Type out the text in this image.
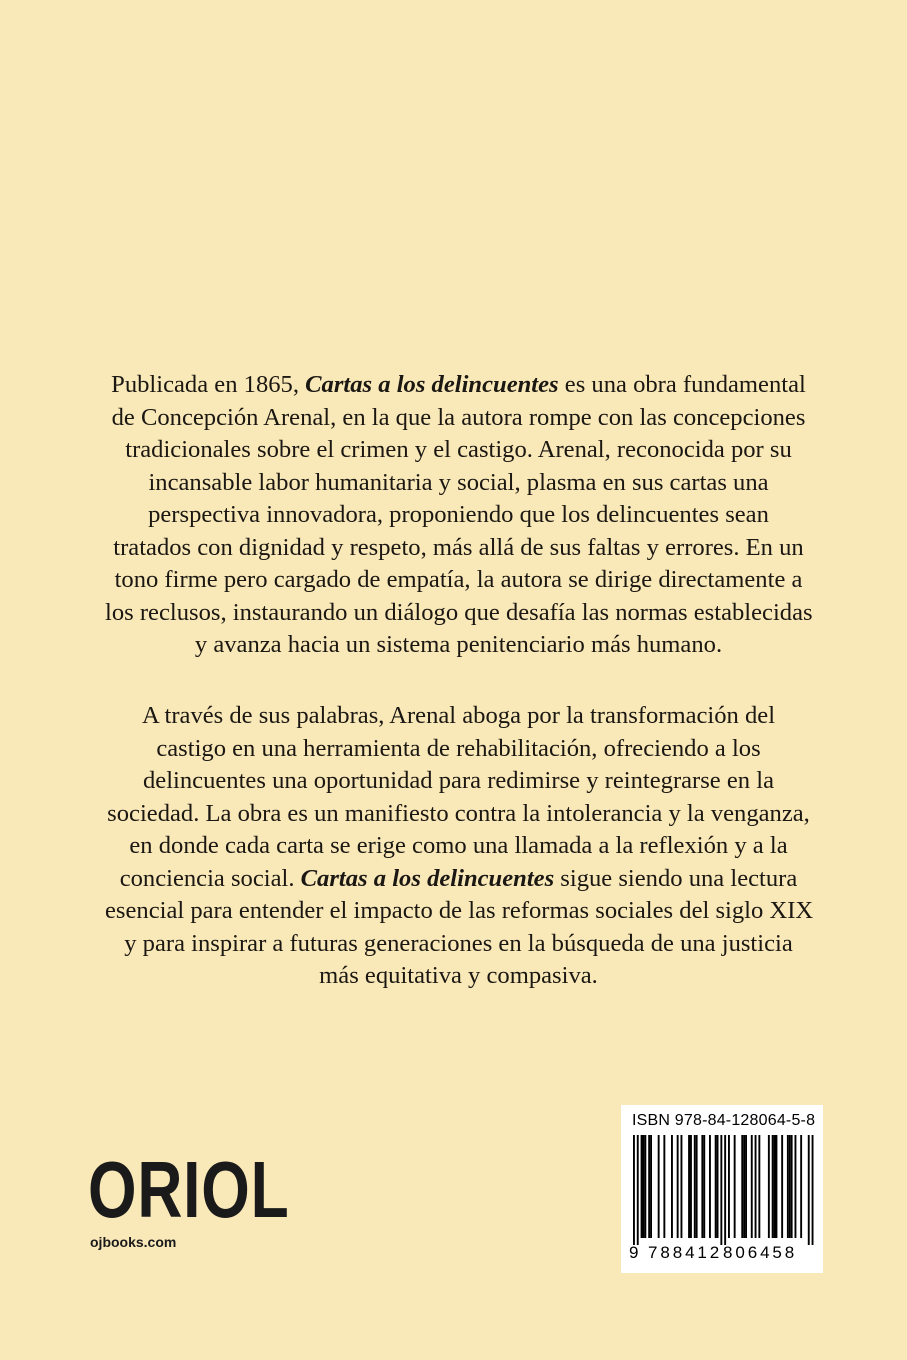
Publicada en 1865, Cartas a los delincuentes es una obra fundamental
de Concepción Arenal, en la que la autora rompe con las concepciones
tradicionales sobre el crimen y el castigo. Arenal, reconocida por su
incansable labor humanitaria y social, plasma en sus cartas una
perspectiva innovadora, proponiendo que los delincuentes sean
tratados con dignidad y respeto, más allá de sus faltas y errores. En un
tono firme pero cargado de empatía, la autora se dirige directamente a
los reclusos, instaurando un diálogo que desafía las normas establecidas
y avanza hacia un sistema penitenciario más humano.
A través de sus palabras, Arenal aboga por la transformación del
castigo en una herramienta de rehabilitación, ofreciendo a los
delincuentes una oportunidad para redimirse y reintegrarse en la
sociedad. La obra es un manifiesto contra la intolerancia y la venganza,
en donde cada carta se erige como una llamada a la reflexión y a la
conciencia social. Cartas a los delincuentes sigue siendo una lectura
esencial para entender el impacto de las reformas sociales del siglo XIX
y para inspirar a futuras generaciones en la búsqueda de una justicia
más equitativa y compasiva.
ORIOL
ojbooks.com
ISBN 978-84-128064-5-8
9 788412 806458
